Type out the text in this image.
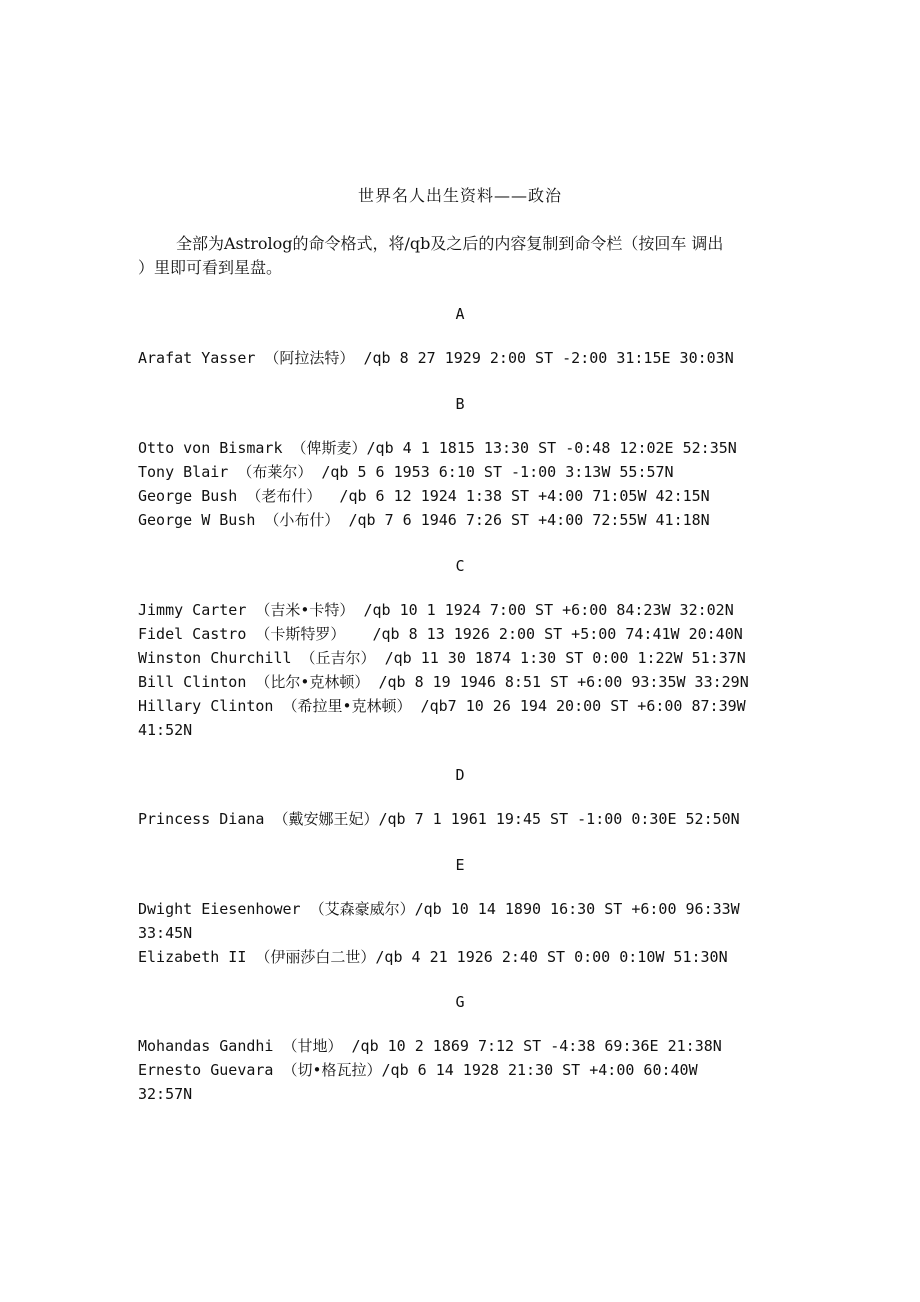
世界名人出生资料——政治
全部为Astrolog的命令格式，将/qb及之后的内容复制到命令栏（按回车 调出
）里即可看到星盘。
A
Arafat Yasser （阿拉法特） /qb 8 27 1929 2:00 ST -2:00 31:15E 30:03N
B
Otto von Bismark （俾斯麦）/qb 4 1 1815 13:30 ST -0:48 12:02E 52:35N
Tony Blair （布莱尔） /qb 5 6 1953 6:10 ST -1:00 3:13W 55:57N
George Bush （老布什）  /qb 6 12 1924 1:38 ST +4:00 71:05W 42:15N
George W Bush （小布什） /qb 7 6 1946 7:26 ST +4:00 72:55W 41:18N
C
Jimmy Carter （吉米•卡特） /qb 10 1 1924 7:00 ST +6:00 84:23W 32:02N
Fidel Castro （卡斯特罗）   /qb 8 13 1926 2:00 ST +5:00 74:41W 20:40N
Winston Churchill （丘吉尔） /qb 11 30 1874 1:30 ST 0:00 1:22W 51:37N
Bill Clinton （比尔•克林顿） /qb 8 19 1946 8:51 ST +6:00 93:35W 33:29N
Hillary Clinton （希拉里•克林顿） /qb7 10 26 194 20:00 ST +6:00 87:39W
41:52N
D
Princess Diana （戴安娜王妃）/qb 7 1 1961 19:45 ST -1:00 0:30E 52:50N
E
Dwight Eiesenhower （艾森豪威尔）/qb 10 14 1890 16:30 ST +6:00 96:33W
33:45N
Elizabeth II （伊丽莎白二世）/qb 4 21 1926 2:40 ST 0:00 0:10W 51:30N
G
Mohandas Gandhi （甘地） /qb 10 2 1869 7:12 ST -4:38 69:36E 21:38N
Ernesto Guevara （切•格瓦拉）/qb 6 14 1928 21:30 ST +4:00 60:40W
32:57N
